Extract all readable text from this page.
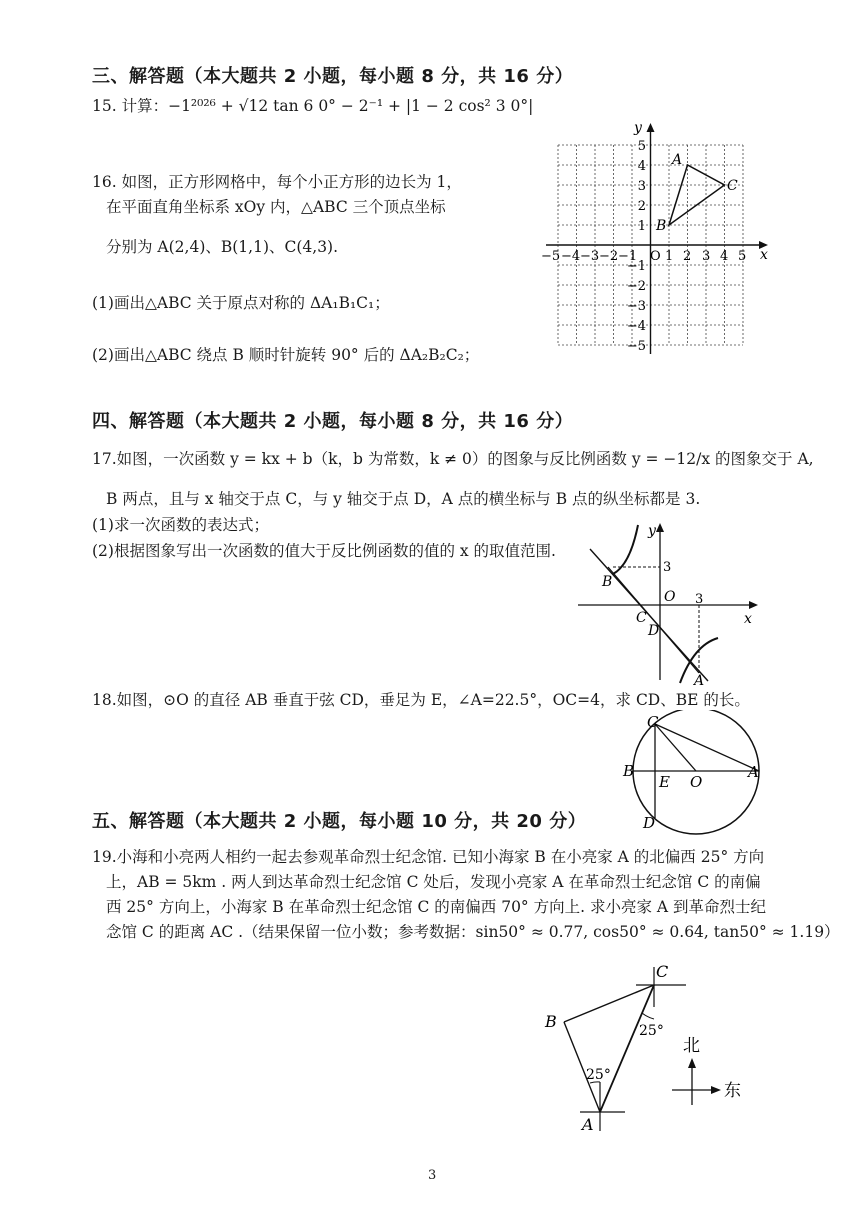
三、解答题（本大题共 2 小题，每小题 8 分，共 16 分）
15. 计算：−1²⁰²⁶ + √12 tan 6 0° − 2⁻¹ + |1 − 2 cos² 3 0°|
16. 如图，正方形网格中，每个小正方形的边长为 1，
在平面直角坐标系 xOy 内，△ABC 三个顶点坐标
分别为 A(2,4)、B(1,1)、C(4,3).
(1)画出△ABC 关于原点对称的 ΔA₁B₁C₁；
(2)画出△ABC 绕点 B 顺时针旋转 90° 后的 ΔA₂B₂C₂；
x
y
O
−5 −4 −3 −2 −1 1 2 3 4 5
5
4
3
2
1
−1
−2
−3
−4
−5
A
B
C
四、解答题（本大题共 2 小题，每小题 8 分，共 16 分）
17.如图，一次函数 y = kx + b（k，b 为常数，k ≠ 0）的图象与反比例函数 y = −12/x 的图象交于 A,
B 两点，且与 x 轴交于点 C，与 y 轴交于点 D，A 点的横坐标与 B 点的纵坐标都是 3.
(1)求一次函数的表达式；
(2)根据图象写出一次函数的值大于反比例函数的值的 x 的取值范围.
y
x
3
3
O
B
C
D
A
18.如图，⊙O 的直径 AB 垂直于弦 CD，垂足为 E，∠A=22.5°，OC=4，求 CD、BE 的长。
C
B
E O
A
D
五、解答题（本大题共 2 小题，每小题 10 分，共 20 分）
19.小海和小亮两人相约一起去参观革命烈士纪念馆. 已知小海家 B 在小亮家 A 的北偏西 25° 方向
上，AB = 5km . 两人到达革命烈士纪念馆 C 处后，发现小亮家 A 在革命烈士纪念馆 C 的南偏
西 25° 方向上，小海家 B 在革命烈士纪念馆 C 的南偏西 70° 方向上. 求小亮家 A 到革命烈士纪
念馆 C 的距离 AC .（结果保留一位小数；参考数据：sin50° ≈ 0.77, cos50° ≈ 0.64, tan50° ≈ 1.19）
C
B
A
25°
25°
北
东
3
